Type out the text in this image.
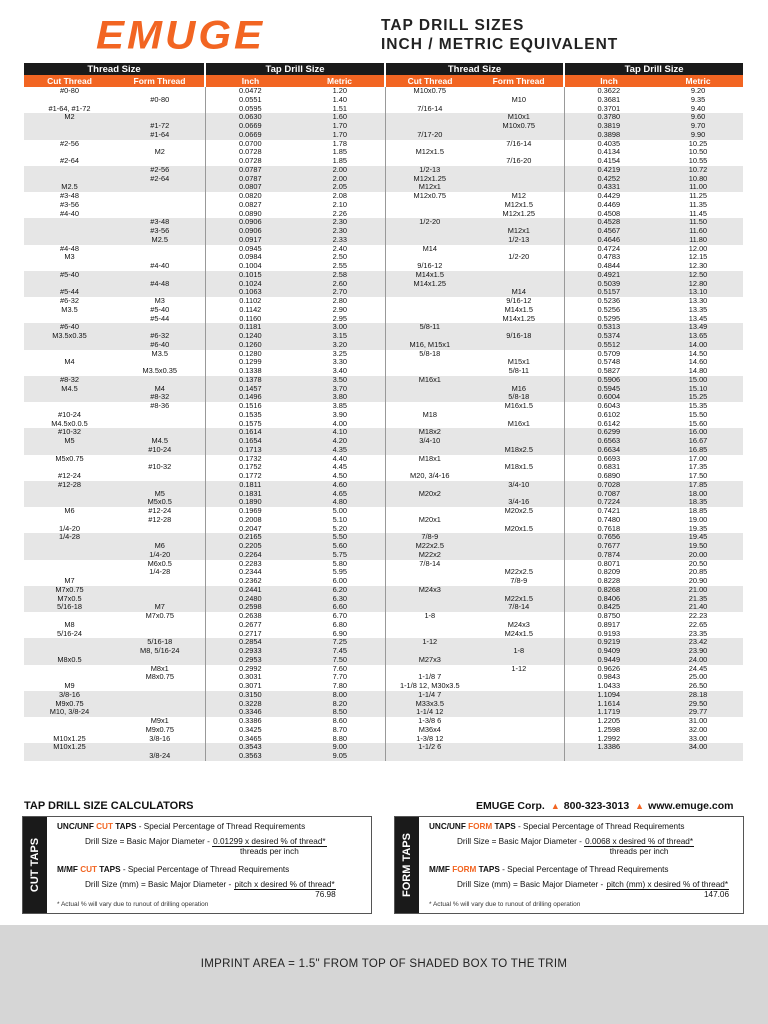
EMUGE	TAP DRILL SIZES
INCH / METRIC EQUIVALENT
Thread Size		Tap Drill Size		Thread Size		Tap Drill Size	
Cut Thread	Form Thread	Inch	Metric	Cut Thread	Form Thread	Inch	Metric
#0-80		0.0472	1.20	M10x0.75		0.3622	9.20
	#0-80	0.0551	1.40		M10	0.3681	9.35
#1-64, #1-72		0.0595	1.51	7/16-14		0.3701	9.40
M2		0.0630	1.60		M10x1	0.3780	9.60
	#1-72	0.0669	1.70		M10x0.75	0.3819	9.70
	#1-64	0.0669	1.70	7/17-20		0.3898	9.90
#2-56		0.0700	1.78		7/16-14	0.4035	10.25
	M2	0.0728	1.85	M12x1.5		0.4134	10.50
#2-64		0.0728	1.85		7/16-20	0.4154	10.55
	#2-56	0.0787	2.00	1/2-13		0.4219	10.72
	#2-64	0.0787	2.00	M12x1.25		0.4252	10.80
M2.5		0.0807	2.05	M12x1		0.4331	11.00
#3-48		0.0820	2.08	M12x0.75	M12	0.4429	11.25
#3-56		0.0827	2.10		M12x1.5	0.4469	11.35
#4-40		0.0890	2.26		M12x1.25	0.4508	11.45
	#3-48	0.0906	2.30	1/2-20		0.4528	11.50
	#3-56	0.0906	2.30		M12x1	0.4567	11.60
	M2.5	0.0917	2.33		1/2-13	0.4646	11.80
#4-48		0.0945	2.40	M14		0.4724	12.00
M3		0.0984	2.50		1/2-20	0.4783	12.15
	#4-40	0.1004	2.55	9/16-12		0.4844	12.30
#5-40		0.1015	2.58	M14x1.5		0.4921	12.50
	#4-48	0.1024	2.60	M14x1.25		0.5039	12.80
#5-44		0.1063	2.70		M14	0.5157	13.10
#6-32	M3	0.1102	2.80		9/16-12	0.5236	13.30
M3.5	#5-40	0.1142	2.90		M14x1.5	0.5256	13.35
	#5-44	0.1160	2.95		M14x1.25	0.5295	13.45
#6-40		0.1181	3.00	5/8-11		0.5313	13.49
M3.5x0.35	#6-32	0.1240	3.15		9/16-18	0.5374	13.65
	#6-40	0.1260	3.20	M16, M15x1		0.5512	14.00
	M3.5	0.1280	3.25	5/8-18		0.5709	14.50
M4		0.1299	3.30		M15x1	0.5748	14.60
	M3.5x0.35	0.1338	3.40		5/8-11	0.5827	14.80
#8-32		0.1378	3.50	M16x1		0.5906	15.00
M4.5	M4	0.1457	3.70		M16	0.5945	15.10
	#8-32	0.1496	3.80		5/8-18	0.6004	15.25
	#8-36	0.1516	3.85		M16x1.5	0.6043	15.35
#10-24		0.1535	3.90	M18		0.6102	15.50
M4.5x0.0.5		0.1575	4.00		M16x1	0.6142	15.60
#10-32		0.1614	4.10	M18x2		0.6299	16.00
M5	M4.5	0.1654	4.20	3/4-10		0.6563	16.67
	#10-24	0.1713	4.35		M18x2.5	0.6634	16.85
M5x0.75		0.1732	4.40	M18x1		0.6693	17.00
	#10-32	0.1752	4.45		M18x1.5	0.6831	17.35
#12-24		0.1772	4.50	M20, 3/4-16		0.6890	17.50
#12-28		0.1811	4.60		3/4-10	0.7028	17.85
	M5	0.1831	4.65	M20x2		0.7087	18.00
	M5x0.5	0.1890	4.80		3/4-16	0.7224	18.35
M6	#12-24	0.1969	5.00		M20x2.5	0.7421	18.85
	#12-28	0.2008	5.10	M20x1		0.7480	19.00
1/4-20		0.2047	5.20		M20x1.5	0.7618	19.35
1/4-28		0.2165	5.50	7/8-9		0.7656	19.45
	M6	0.2205	5.60	M22x2.5		0.7677	19.50
	1/4-20	0.2264	5.75	M22x2		0.7874	20.00
	M6x0.5	0.2283	5.80	7/8-14		0.8071	20.50
	1/4-28	0.2344	5.95		M22x2.5	0.8209	20.85
M7		0.2362	6.00		7/8-9	0.8228	20.90
M7x0.75		0.2441	6.20	M24x3		0.8268	21.00
M7x0.5		0.2480	6.30		M22x1.5	0.8406	21.35
5/16-18	M7	0.2598	6.60		7/8-14	0.8425	21.40
	M7x0.75	0.2638	6.70	1-8		0.8750	22.23
M8		0.2677	6.80		M24x3	0.8917	22.65
5/16-24		0.2717	6.90		M24x1.5	0.9193	23.35
	5/16-18	0.2854	7.25	1-12		0.9219	23.42
	M8, 5/16-24	0.2933	7.45		1-8	0.9409	23.90
M8x0.5		0.2953	7.50	M27x3		0.9449	24.00
	M8x1	0.2992	7.60		1-12	0.9626	24.45
	M8x0.75	0.3031	7.70	1-1/8 7		0.9843	25.00
M9		0.3071	7.80	1-1/8 12, M30x3.5		1.0433	26.50
3/8-16		0.3150	8.00	1-1/4 7		1.1094	28.18
M9x0.75		0.3228	8.20	M33x3.5		1.1614	29.50
M10, 3/8-24		0.3346	8.50	1-1/4 12		1.1719	29.77
	M9x1	0.3386	8.60	1-3/8 6		1.2205	31.00
	M9x0.75	0.3425	8.70	M36x4		1.2598	32.00
M10x1.25	3/8-16	0.3465	8.80	1-3/8 12		1.2992	33.00
M10x1.25		0.3543	9.00	1-1/2 6		1.3386	34.00
	3/8-24	0.3563	9.05				
TAP DRILL SIZE CALCULATORS	EMUGE Corp. ▲ 800-323-3013 ▲ www.emuge.com
CUT TAPS
UNC/UNF CUT TAPS - Special Percentage of Thread Requirements
Drill Size = Basic Major Diameter - $\frac{\text{0.01299 x desired \% of thread*}}{\text{threads per inch}}$
M/MF CUT TAPS - Special Percentage of Thread Requirements
Drill Size (mm) = Basic Major Diameter - $\frac{\text{pitch x desired \% of thread*}}{76.98}$
* Actual % will vary due to runout of drilling operation
FORM TAPS
UNC/UNF FORM TAPS - Special Percentage of Thread Requirements
Drill Size = Basic Major Diameter - $\frac{\text{0.0068 x desired \% of thread*}}{\text{threads per inch}}$
M/MF FORM TAPS - Special Percentage of Thread Requirements
Drill Size (mm) = Basic Major Diameter - $\frac{\text{pitch (mm) x desired \% of thread*}}{147.06}$
* Actual % will vary due to runout of drilling operation
IMPRINT AREA = 1.5" FROM TOP OF SHADED BOX TO THE TRIM
